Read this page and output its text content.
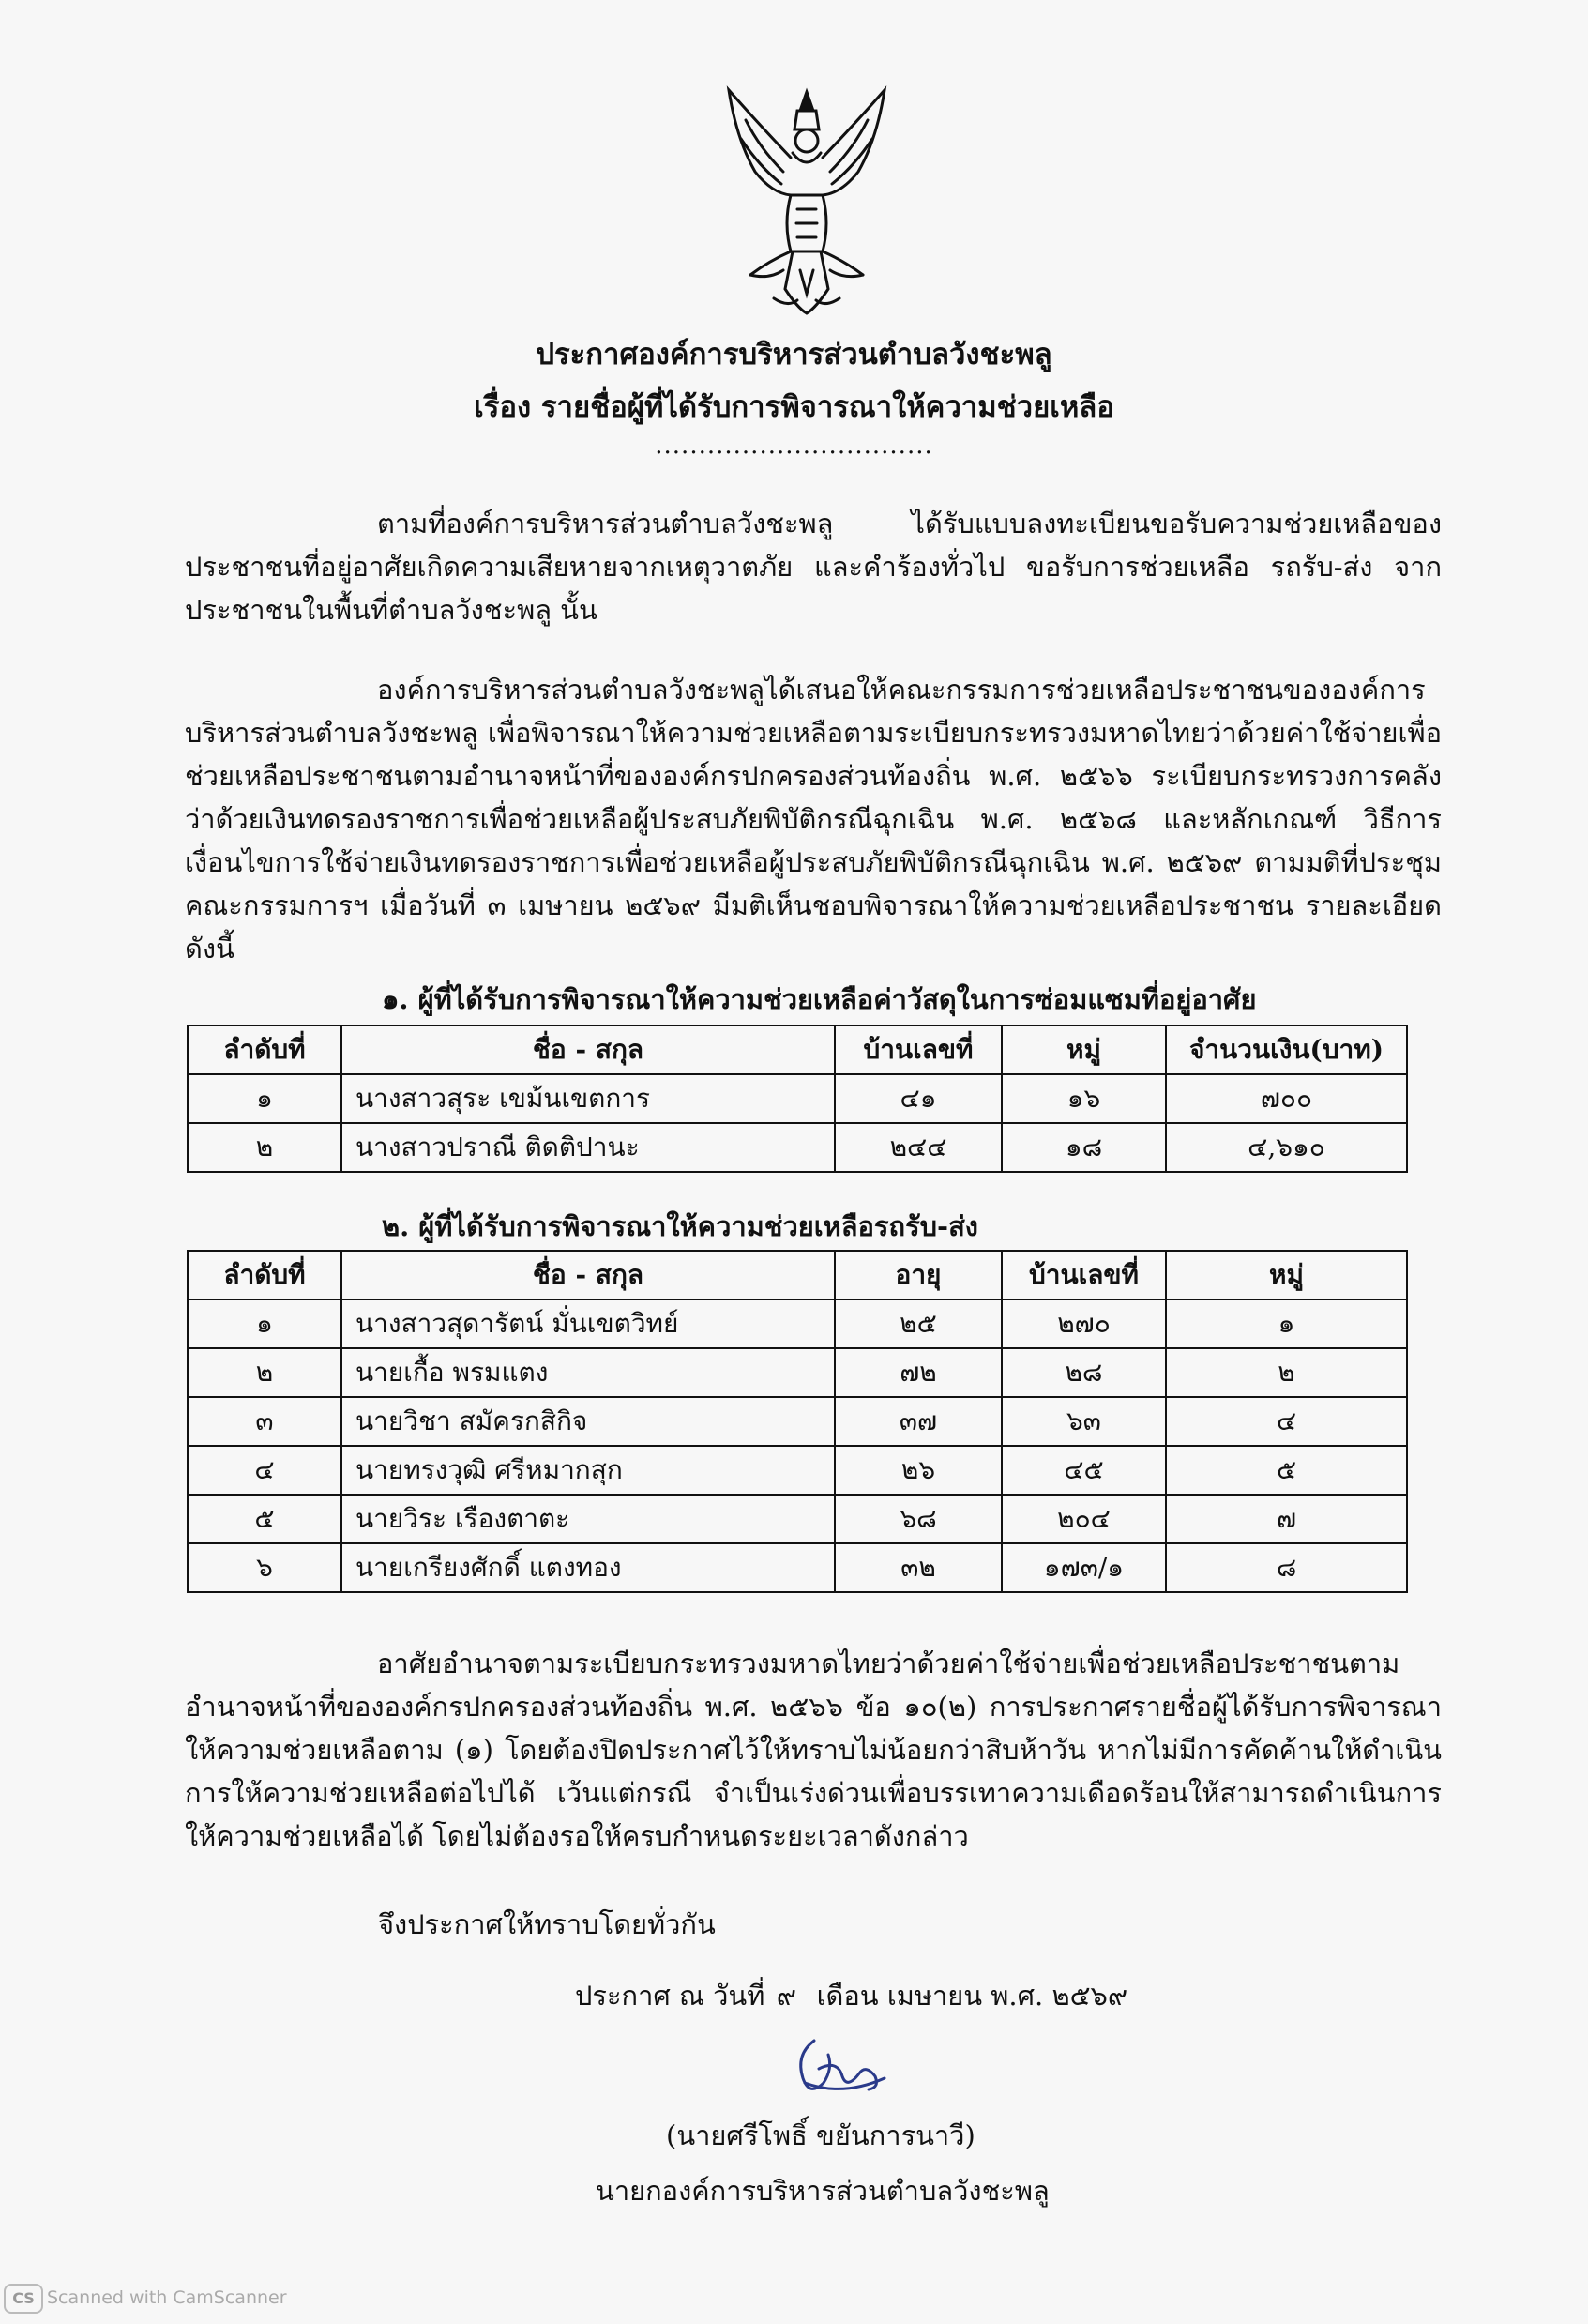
ประกาศองค์การบริหารส่วนตำบลวังชะพลู
เรื่อง รายชื่อผู้ที่ได้รับการพิจารณาให้ความช่วยเหลือ
................................
ตามที่องค์การบริหารส่วนตำบลวังชะพลู ได้รับแบบลงทะเบียนขอรับความช่วยเหลือของประชาชนที่อยู่อาศัยเกิดความเสียหายจากเหตุวาตภัย และคำร้องทั่วไป ขอรับการช่วยเหลือ รถรับ-ส่ง จากประชาชนในพื้นที่ตำบลวังชะพลู นั้น
องค์การบริหารส่วนตำบลวังชะพลูได้เสนอให้คณะกรรมการช่วยเหลือประชาชนขององค์การบริหารส่วนตำบลวังชะพลู เพื่อพิจารณาให้ความช่วยเหลือตามระเบียบกระทรวงมหาดไทยว่าด้วยค่าใช้จ่ายเพื่อช่วยเหลือประชาชนตามอำนาจหน้าที่ขององค์กรปกครองส่วนท้องถิ่น พ.ศ. ๒๕๖๖ ระเบียบกระทรวงการคลังว่าด้วยเงินทดรองราชการเพื่อช่วยเหลือผู้ประสบภัยพิบัติกรณีฉุกเฉิน พ.ศ. ๒๕๖๘ และหลักเกณฑ์ วิธีการ เงื่อนไขการใช้จ่ายเงินทดรองราชการเพื่อช่วยเหลือผู้ประสบภัยพิบัติกรณีฉุกเฉิน พ.ศ. ๒๕๖๙ ตามมติที่ประชุมคณะกรรมการฯ เมื่อวันที่ ๓ เมษายน ๒๕๖๙ มีมติเห็นชอบพิจารณาให้ความช่วยเหลือประชาชน รายละเอียดดังนี้
๑. ผู้ที่ได้รับการพิจารณาให้ความช่วยเหลือค่าวัสดุในการซ่อมแซมที่อยู่อาศัย
ลำดับที่	ชื่อ - สกุล	บ้านเลขที่	หมู่	จำนวนเงิน(บาท)
๑	นางสาวสุระ เขม้นเขตการ	๔๑	๑๖	๗๐๐
๒	นางสาวปราณี ติดติปานะ	๒๔๔	๑๘	๔,๖๑๐
๒. ผู้ที่ได้รับการพิจารณาให้ความช่วยเหลือรถรับ-ส่ง
ลำดับที่	ชื่อ - สกุล	อายุ	บ้านเลขที่	หมู่
๑	นางสาวสุดารัตน์ มั่นเขตวิทย์	๒๕	๒๗๐	๑
๒	นายเกื้อ พรมแตง	๗๒	๒๘	๒
๓	นายวิชา สมัครกสิกิจ	๓๗	๖๓	๔
๔	นายทรงวุฒิ ศรีหมากสุก	๒๖	๔๕	๕
๕	นายวิระ เรืองตาตะ	๖๘	๒๐๔	๗
๖	นายเกรียงศักดิ์ แตงทอง	๓๒	๑๗๓/๑	๘
อาศัยอำนาจตามระเบียบกระทรวงมหาดไทยว่าด้วยค่าใช้จ่ายเพื่อช่วยเหลือประชาชนตามอำนาจหน้าที่ขององค์กรปกครองส่วนท้องถิ่น พ.ศ. ๒๕๖๖ ข้อ ๑๐(๒) การประกาศรายชื่อผู้ได้รับการพิจารณาให้ความช่วยเหลือตาม (๑) โดยต้องปิดประกาศไว้ให้ทราบไม่น้อยกว่าสิบห้าวัน หากไม่มีการคัดค้านให้ดำเนินการให้ความช่วยเหลือต่อไปได้ เว้นแต่กรณี จำเป็นเร่งด่วนเพื่อบรรเทาความเดือดร้อนให้สามารถดำเนินการให้ความช่วยเหลือได้ โดยไม่ต้องรอให้ครบกำหนดระยะเวลาดังกล่าว
จึงประกาศให้ทราบโดยทั่วกัน
ประกาศ ณ วันที่ ๙ เดือน เมษายน พ.ศ. ๒๕๖๙
(นายศรีโพธิ์ ขยันการนาวี)
นายกองค์การบริหารส่วนตำบลวังชะพลู
CS Scanned with CamScanner
